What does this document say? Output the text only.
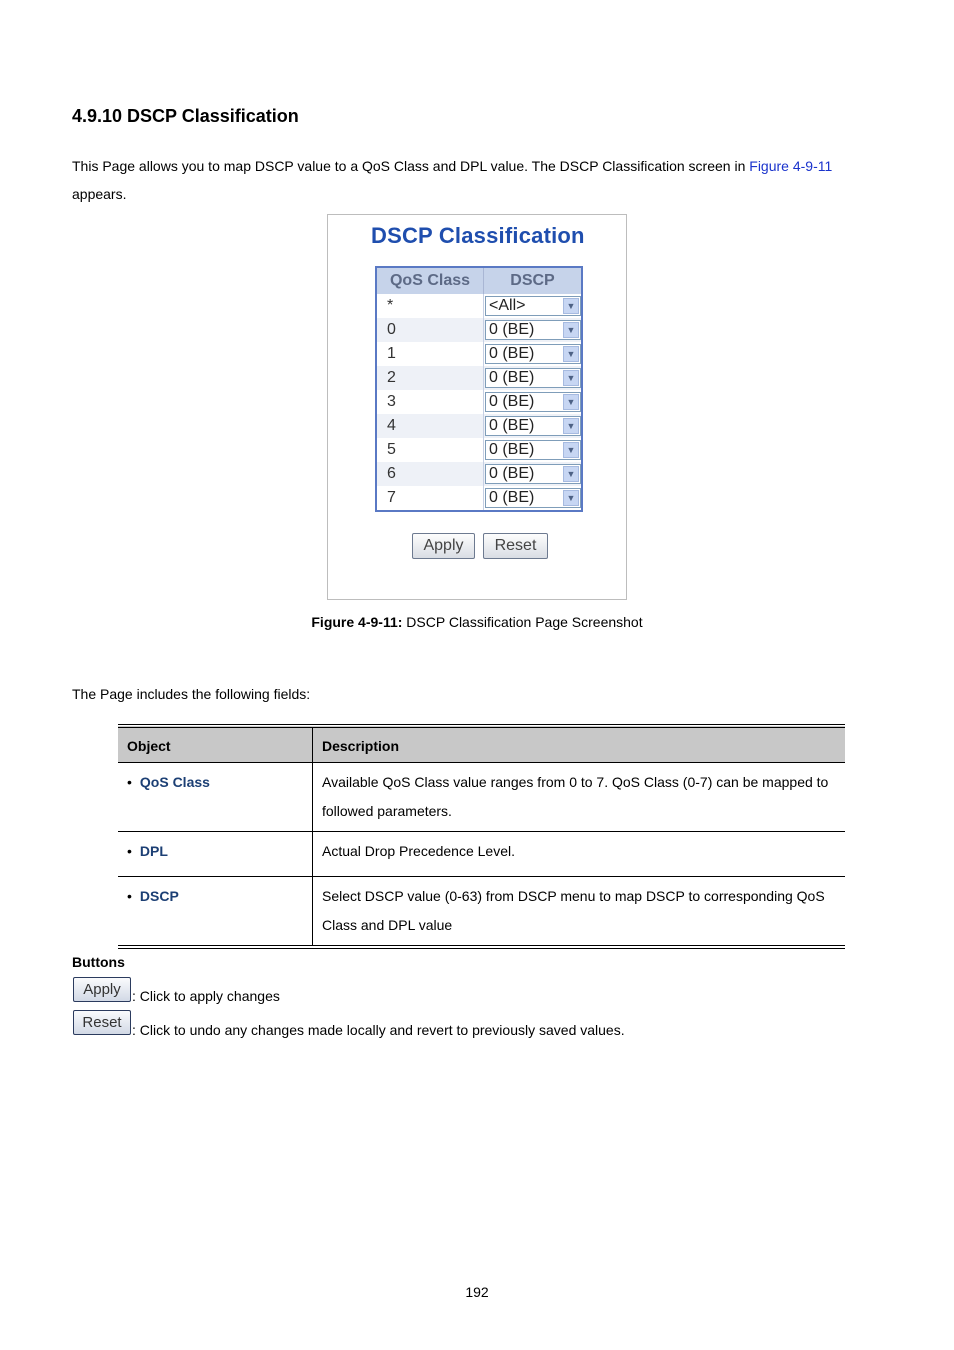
4.9.10 DSCP Classification
This Page allows you to map DSCP value to a QoS Class and DPL value. The DSCP Classification screen in Figure 4-9-11
appears.
DSCP Classification
QoS Class	DSCP
*	<All> ▼

0	0 (BE) ▼

1	0 (BE) ▼

2	0 (BE) ▼

3	0 (BE) ▼

4	0 (BE) ▼

5	0 (BE) ▼

6	0 (BE) ▼

7	0 (BE) ▼
Apply	Reset
Figure 4-9-11: DSCP Classification Page Screenshot
The Page includes the following fields:
Object	Description
• QoS Class	Available QoS Class value ranges from 0 to 7. QoS Class (0-7) can be mapped to followed parameters.
• DPL	Actual Drop Precedence Level.
• DSCP	Select DSCP value (0-63) from DSCP menu to map DSCP to corresponding QoS Class and DPL value
Buttons
Apply : Click to apply changes
Reset : Click to undo any changes made locally and revert to previously saved values.
192
